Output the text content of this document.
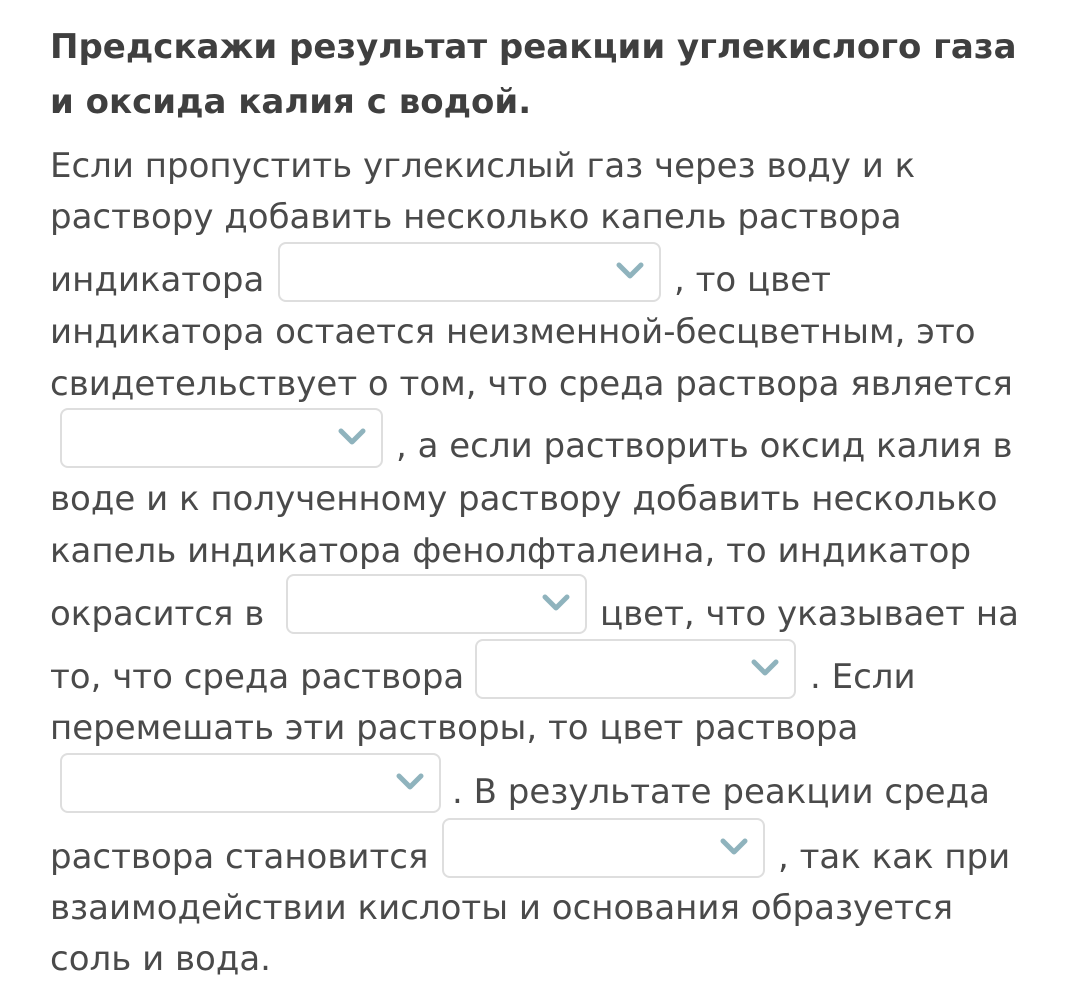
Предскажи результат реакции углекислого газа и оксида калия с водой.
Если пропустить углекислый газ через воду и к
раствору добавить несколько капель раствора
индикатора	, то цвет
индикатора остается неизменной-бесцветным, это
свидетельствует о том, что среда раствора является
, а если растворить оксид калия в
воде и к полученному раствору добавить несколько
капель индикатора фенолфталеина, то индикатор
окрасится в	цвет, что указывает на
то, что среда раствора	. Если
перемешать эти растворы, то цвет раствора
. В результате реакции среда
раствора становится	, так как при
взаимодействии кислоты и основания образуется
соль и вода.
